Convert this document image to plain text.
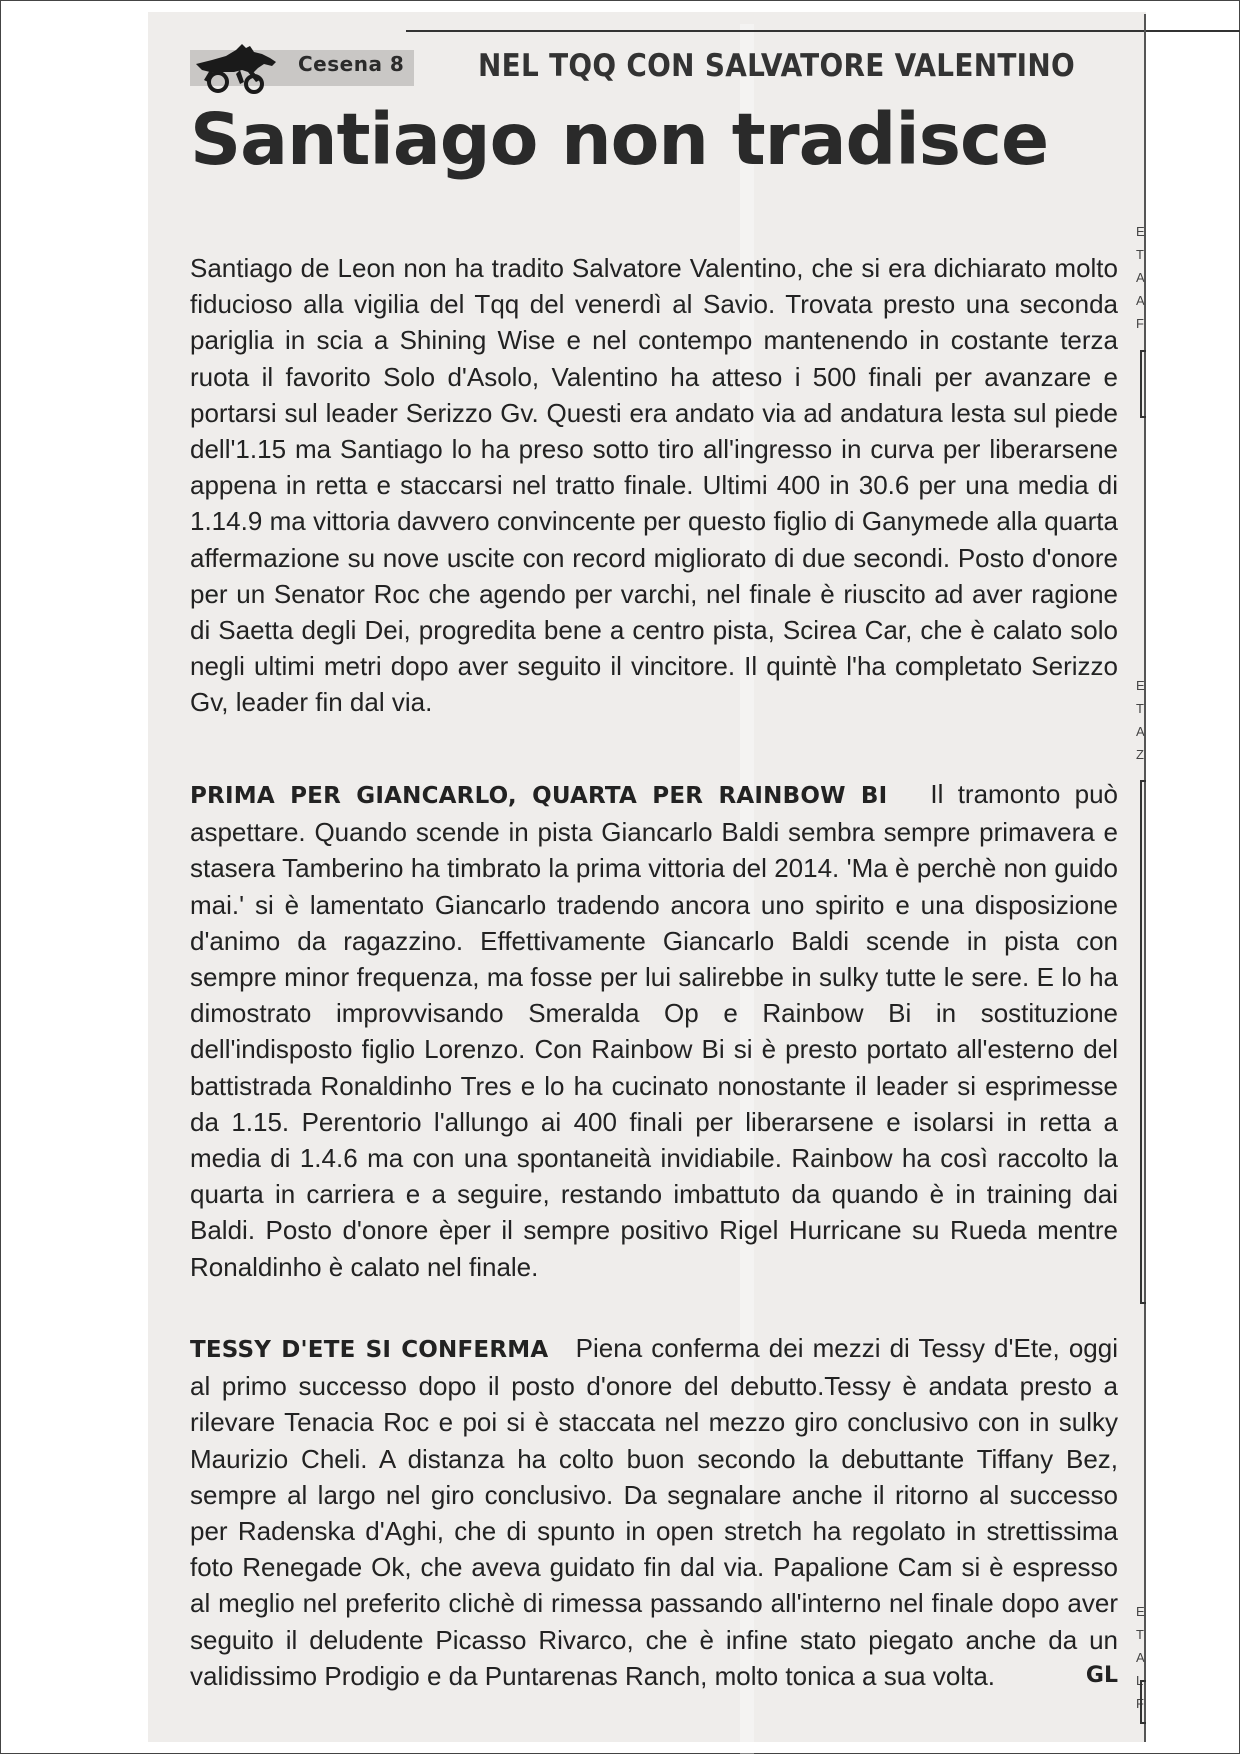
Cesena 8 NEL TQQ CON SALVATORE VALENTINO
Santiago non tradisce
Santiago de Leon non ha tradito Salvatore Valentino, che si era dichiarato molto fiducioso alla vigilia del Tqq del venerdì al Savio. Trovata presto una seconda pariglia in scia a Shining Wise e nel contempo mantenendo in costante terza ruota il favorito Solo d'Asolo, Valentino ha atteso i 500 finali per avanzare e portarsi sul leader Serizzo Gv. Questi era andato via ad andatura lesta sul piede dell'1.15 ma Santiago lo ha preso sotto tiro all'ingresso in curva per liberarsene appena in retta e staccarsi nel tratto finale. Ultimi 400 in 30.6 per una media di 1.14.9 ma vittoria davvero convincente per questo figlio di Ganymede alla quarta affermazione su nove uscite con record migliorato di due secondi. Posto d'onore per un Senator Roc che agendo per varchi, nel finale è riuscito ad aver ragione di Saetta degli Dei, progredita bene a centro pista, Scirea Car, che è calato solo negli ultimi metri dopo aver seguito il vincitore. Il quintè l'ha completato Serizzo Gv, leader fin dal via.
PRIMA PER GIANCARLO, QUARTA PER RAINBOW BI Il tramonto può aspettare. Quando scende in pista Giancarlo Baldi sembra sempre primavera e stasera Tamberino ha timbrato la prima vittoria del 2014. 'Ma è perchè non guido mai.' si è lamentato Giancarlo tradendo ancora uno spirito e una disposizione d'animo da ragazzino. Effettivamente Giancarlo Baldi scende in pista con sempre minor frequenza, ma fosse per lui salirebbe in sulky tutte le sere. E lo ha dimostrato improvvisando Smeralda Op e Rainbow Bi in sostituzione dell'indisposto figlio Lorenzo. Con Rainbow Bi si è presto portato all'esterno del battistrada Ronaldinho Tres e lo ha cucinato nonostante il leader si esprimesse da 1.15. Perentorio l'allungo ai 400 finali per liberarsene e isolarsi in retta a media di 1.4.6 ma con una spontaneità invidiabile. Rainbow ha così raccolto la quarta in carriera e a seguire, restando imbattuto da quando è in training dai Baldi. Posto d'onore èper il sempre positivo Rigel Hurricane su Rueda mentre Ronaldinho è calato nel finale.
TESSY D'ETE SI CONFERMA Piena conferma dei mezzi di Tessy d'Ete, oggi al primo successo dopo il posto d'onore del debutto.Tessy è andata presto a rilevare Tenacia Roc e poi si è staccata nel mezzo giro conclusivo con in sulky Maurizio Cheli. A distanza ha colto buon secondo la debuttante Tiffany Bez, sempre al largo nel giro conclusivo. Da segnalare anche il ritorno al successo per Radenska d'Aghi, che di spunto in open stretch ha regolato in strettissima foto Renegade Ok, che aveva guidato fin dal via. Papalione Cam si è espresso al meglio nel preferito clichè di rimessa passando all'interno nel finale dopo aver seguito il deludente Picasso Rivarco, che è infine stato piegato anche da un validissimo Prodigio e da Puntarenas Ranch, molto tonica a sua volta.	GL
E
T
A
A
F
E
T
A
Z
E
T
A
L
F
